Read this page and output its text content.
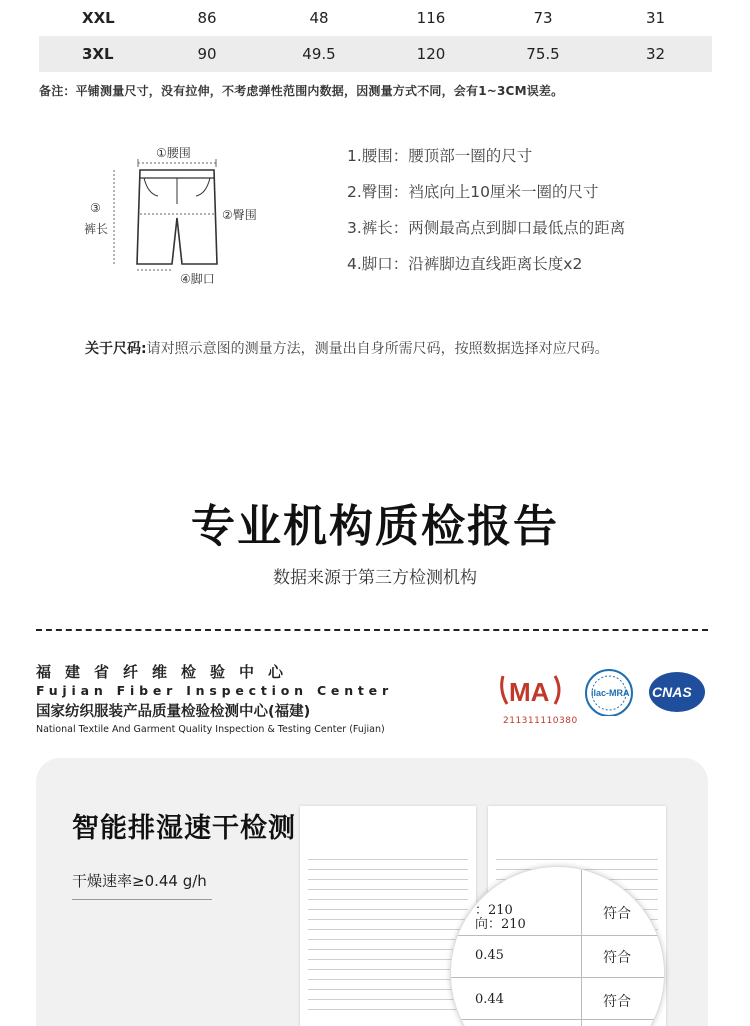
XXL	86	48	116	73	31
3XL	90	49.5	120	75.5	32
备注：平铺测量尺寸，没有拉伸，不考虑弹性范围内数据，因测量方式不同，会有1~3CM误差。
①腰围
②臀围
③
裤长
④脚口
1.腰围：腰顶部一圈的尺寸
2.臀围：裆底向上10厘米一圈的尺寸
3.裤长：两侧最高点到脚口最低点的距离
4.脚口：沿裤脚边直线距离长度x2
关于尺码:请对照示意图的测量方法，测量出自身所需尺码，按照数据选择对应尺码。
专业机构质检报告
数据来源于第三方检测机构
福建省纤维检验中心
Fujian Fiber Inspection Center
国家纺织服装产品质量检验检测中心(福建)
National Textile And Garment Quality Inspection & Testing Center (Fujian)
MA	ilac-MRA CNAS
211311110380
智能排湿速干检测
干燥速率≥0.44 g/h
：210	符合
向：210
0.45	符合
0.44	符合
